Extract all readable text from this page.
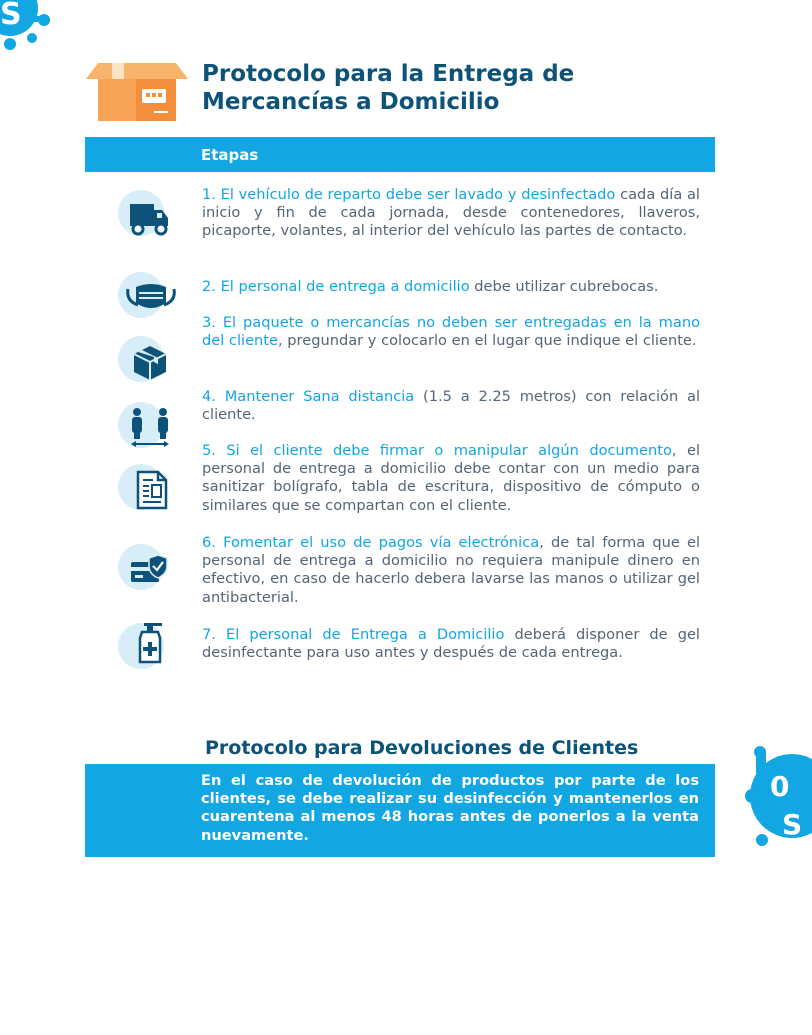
S
0
S
Protocolo para la Entrega de
Mercancías a Domicilio
Etapas

1. El vehículo de reparto debe ser lavado y desinfectado cada día al inicio y fin de cada jornada, desde contenedores, llaveros, picaporte, volantes, al interior del vehículo las partes de contacto.

2. El personal de entrega a domicilio debe utilizar cubrebocas.

3. El paquete o mercancías no deben ser entregadas en la mano del cliente, pregundar y colocarlo en el lugar que indique el cliente.

4. Mantener Sana distancia (1.5 a 2.25 metros) con relación al cliente.

5. Si el cliente debe firmar o manipular algún documento, el personal de entrega a domicilio debe contar con un medio para sanitizar bolígrafo, tabla de escritura, dispositivo de cómputo o similares que se compartan con el cliente.

6. Fomentar el uso de pagos vía electrónica, de tal forma que el personal de entrega a domicilio no requiera manipule dinero en efectivo, en caso de hacerlo debera lavarse las manos o utilizar gel antibacterial.

7. El personal de Entrega a Domicilio deberá disponer de gel desinfectante para uso antes y después de cada entrega.

Protocolo para Devoluciones de Clientes

En el caso de devolución de productos por parte de los clientes, se debe realizar su desinfección y mantenerlos en cuarentena al menos 48 horas antes de ponerlos a la venta nuevamente.
